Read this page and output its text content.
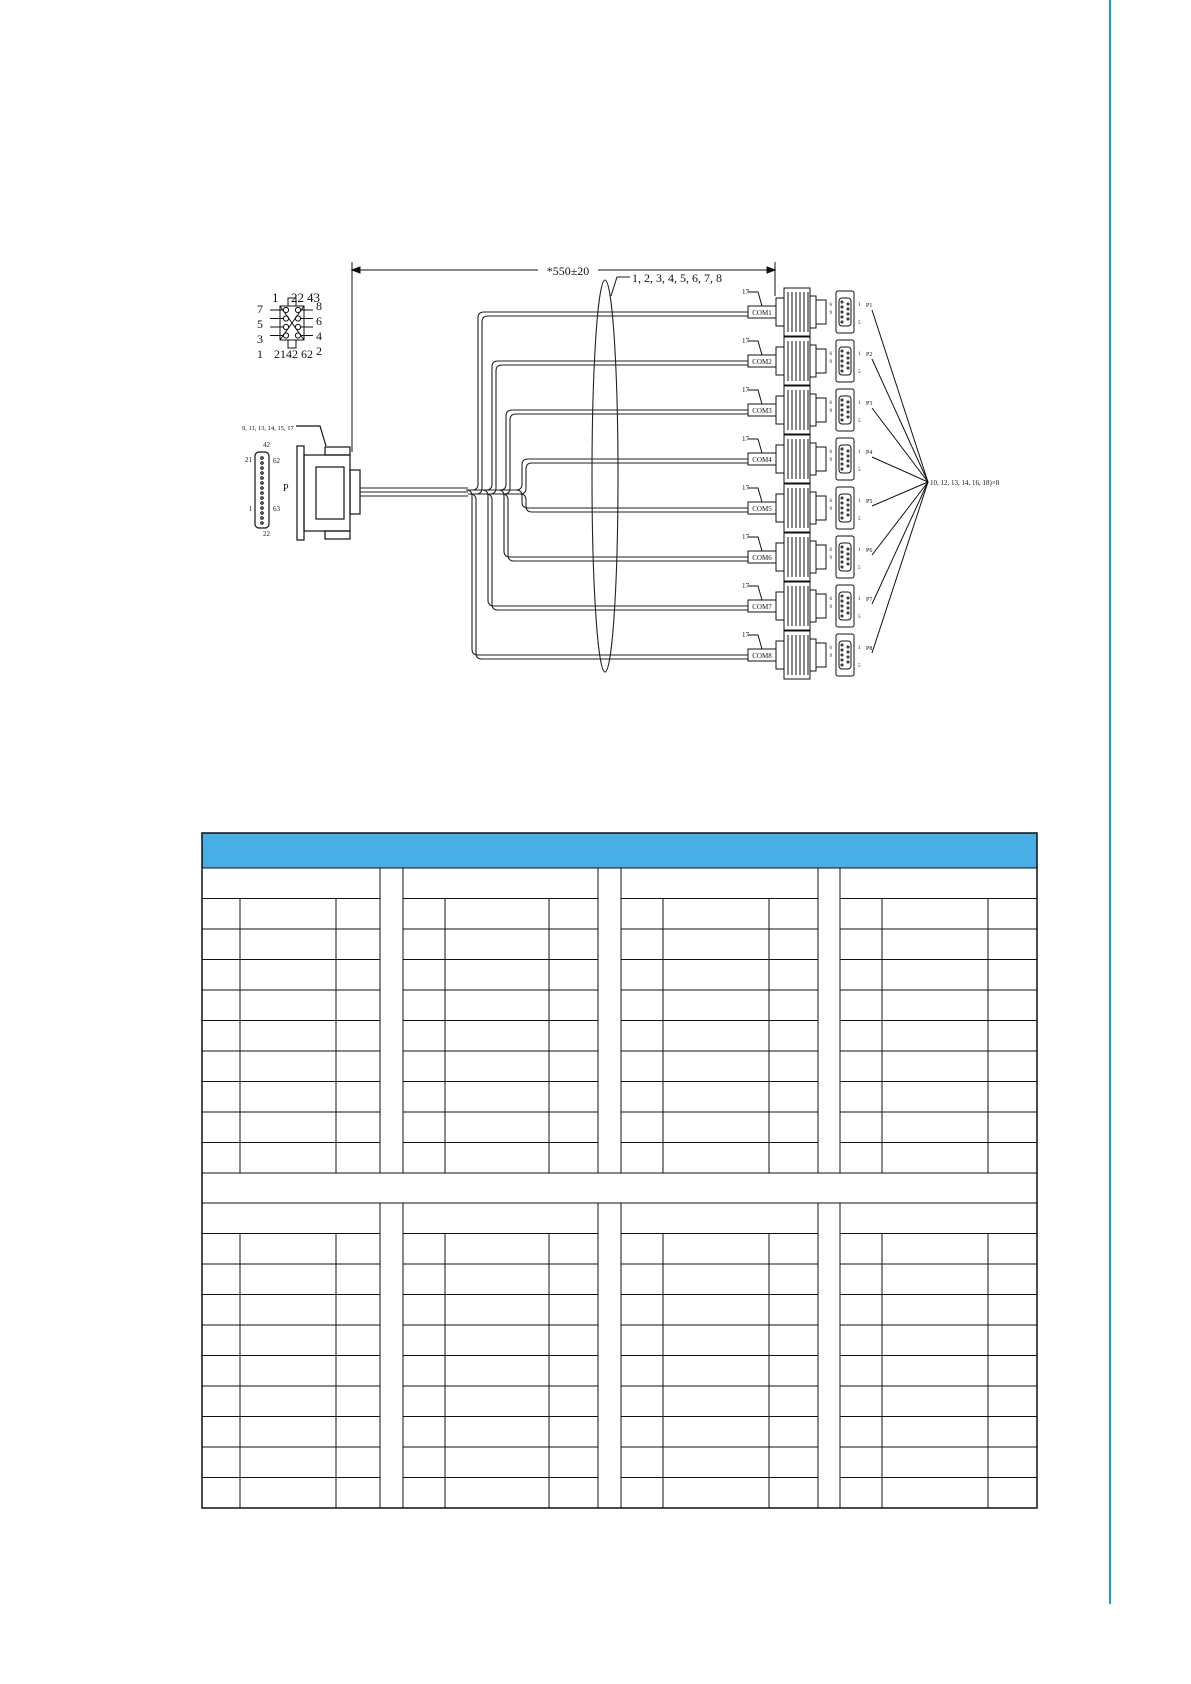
1 22 43
7
5
3
1
8
6
4
2
2142 62
42
21	62
1	63
22
P
9, 11, 13, 14, 15, 17
1, 2, 3, 4, 5, 6, 7, 8
COM1
17
6
9
1
5
P1
COM2
17
6
9
1
5
P2
COM3
17
6
9
1
5
P3
COM4
17
6
9
1
5
P4
COM5
17
6
9
1
5
P5
COM6
17
6
9
1
5
P6
COM7
17
6
9
1
5
P7
COM8
17
6
9
1
5
P8
10, 12, 13, 14, 16, 18)×8
*550±20
